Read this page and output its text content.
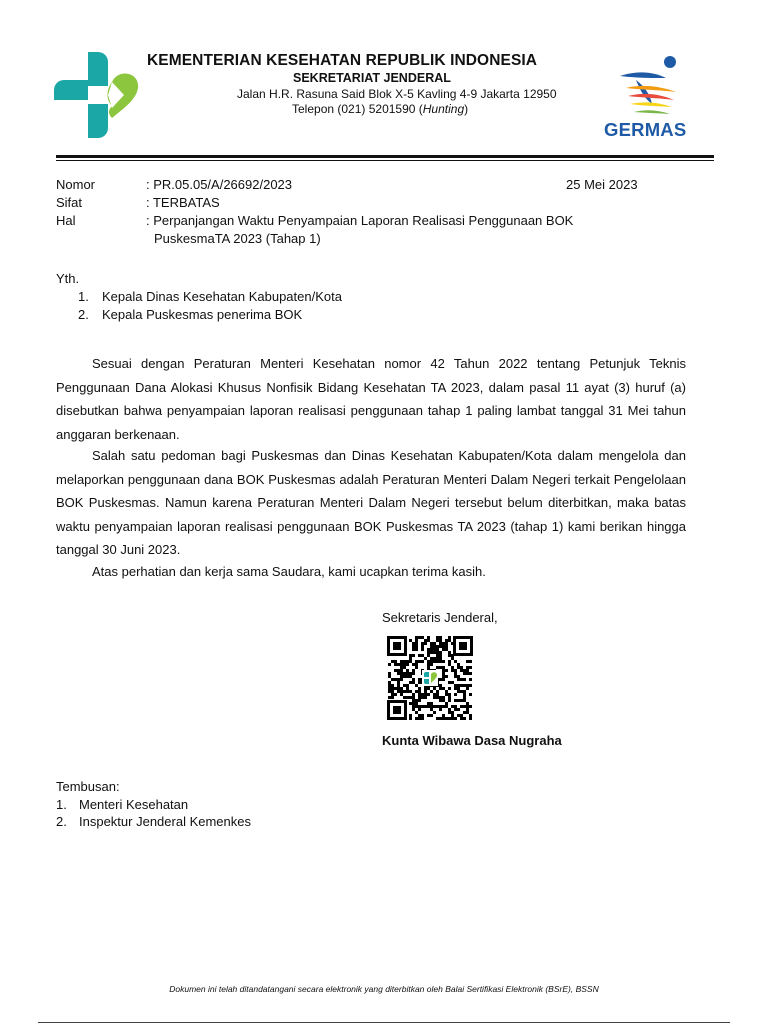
KEMENTERIAN KESEHATAN REPUBLIK INDONESIA
SEKRETARIAT JENDERAL
Jalan H.R. Rasuna Said Blok X-5 Kavling 4-9 Jakarta 12950
Telepon (021) 5201590 (Hunting)
GERMAS
Nomor	: PR.05.05/A/26692/2023	25 Mei 2023
Sifat	: TERBATAS
Hal	: Perpanjangan Waktu Penyampaian Laporan Realisasi Penggunaan BOK
PuskesmaTA 2023 (Tahap 1)
Yth.
1. Kepala Dinas Kesehatan Kabupaten/Kota
2. Kepala Puskesmas penerima BOK
Sesuai dengan Peraturan Menteri Kesehatan nomor 42 Tahun 2022 tentang Petunjuk Teknis Penggunaan Dana Alokasi Khusus Nonfisik Bidang Kesehatan TA 2023, dalam pasal 11 ayat (3) huruf (a) disebutkan bahwa penyampaian laporan realisasi penggunaan tahap 1 paling lambat tanggal 31 Mei tahun anggaran berkenaan.
Salah satu pedoman bagi Puskesmas dan Dinas Kesehatan Kabupaten/Kota dalam mengelola dan melaporkan penggunaan dana BOK Puskesmas adalah Peraturan Menteri Dalam Negeri terkait Pengelolaan BOK Puskesmas. Namun karena Peraturan Menteri Dalam Negeri tersebut belum diterbitkan, maka batas waktu penyampaian laporan realisasi penggunaan BOK Puskesmas TA 2023 (tahap 1) kami berikan hingga tanggal 30 Juni 2023.
Atas perhatian dan kerja sama Saudara, kami ucapkan terima kasih.
Sekretaris Jenderal,
Kunta Wibawa Dasa Nugraha
Tembusan:
1. Menteri Kesehatan
2. Inspektur Jenderal Kemenkes
Dokumen ini telah ditandatangani secara elektronik yang diterbitkan oleh Balai Sertifikasi Elektronik (BSrE), BSSN
